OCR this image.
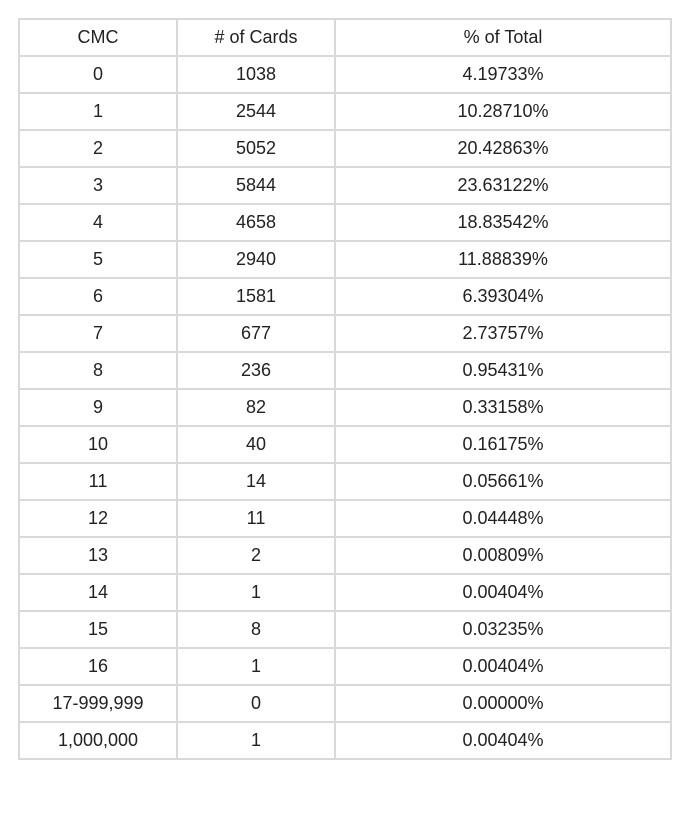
CMC	# of Cards	% of Total
0	1038	4.19733%
1	2544	10.28710%
2	5052	20.42863%
3	5844	23.63122%
4	4658	18.83542%
5	2940	11.88839%
6	1581	6.39304%
7	677	2.73757%
8	236	0.95431%
9	82	0.33158%
10	40	0.16175%
11	14	0.05661%
12	11	0.04448%
13	2	0.00809%
14	1	0.00404%
15	8	0.03235%
16	1	0.00404%
17-999,999	0	0.00000%
1,000,000	1	0.00404%
